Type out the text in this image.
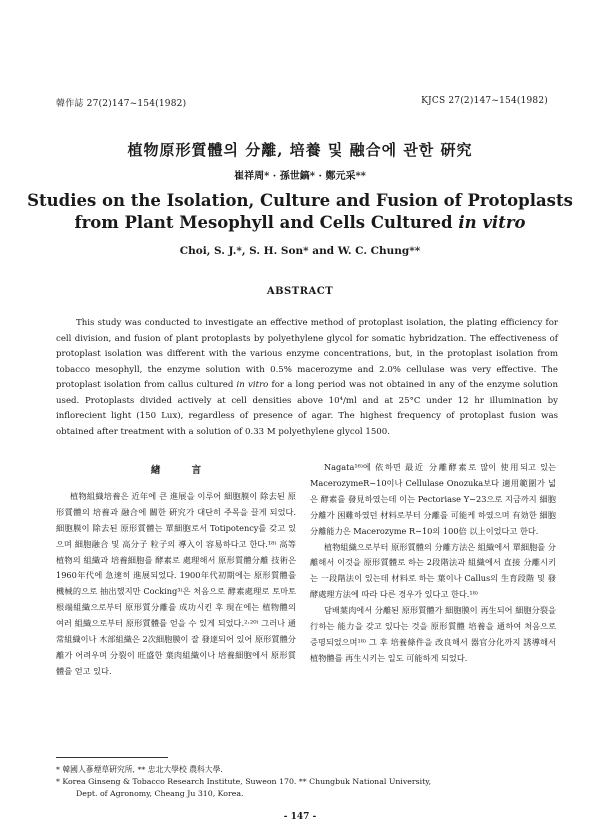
韓作誌 27(2)147~154(1982)	KJCS 27(2)147~154(1982)
植物原形質體의 分離, 培養 및 融合에 관한 硏究
崔祥周* · 孫世鎬* · 鄭元采**
Studies on the Isolation, Culture and Fusion of Protoplasts
from Plant Mesophyll and Cells Cultured in vitro
Choi, S. J.*, S. H. Son* and W. C. Chung**
ABSTRACT
This study was conducted to investigate an effective method of protoplast isolation, the plating efficiency for cell division, and fusion of plant protoplasts by polyethylene glycol for somatic hybridzation. The effectiveness of protoplast isolation was different with the various enzyme concentrations, but, in the protoplast isolation from tobacco mesophyll, the enzyme solution with 0.5% macerozyme and 2.0% cellulase was very effective. The protoplast isolation from callus cultured in vitro for a long period was not obtained in any of the enzyme solution used. Protoplasts divided actively at cell densities above 10⁴/ml and at 25°C under 12 hr illumination by inflorecient light (150 Lux), regardless of presence of agar. The highest frequency of protoplast fusion was obtained after treatment with a solution of 0.33 M polyethylene glycol 1500.
緖 言

植物組織培養은 近年에 큰 進展을 이루어 細胞膜이 除去된 原形質體의 培養과 融合에 關한 硏究가 대단히 주목을 끌게 되었다. 細胞膜이 除去된 原形質體는 單細胞로서 Totipotency를 갖고 있으며 細胞融合 및 高分子 粒子의 導入이 容易하다고 한다.¹⁸⁾ 高等植物의 組織과 培養細胞를 酵素로 處理해서 原形質體分離 技術은 1960年代에 急速히 進展되었다. 1900年代初期에는 原形質體를 機械的으로 抽出했지만 Cocking³⁾은 처음으로 酵素處理로 토마토 根端組織으로부터 原形質分離를 成功시킨 후 現在에는 植物體의 여러 組織으로부터 原形質體를 얻을 수 있게 되었다.²·²⁰⁾ 그러나 通常組織이나 木部組織은 2次細胞膜이 잘 發達되어 있어 原形質體分離가 어려우며 分裂이 旺盛한 葉肉組織이나 培養細胞에서 原形質體를 얻고 있다.

Nagata¹⁶⁾에 依하면 最近 分離酵素로 많이 使用되고 있는 MacerozymeR−10이나 Cellulase Onozuka보다 適用範圍가 넓은 酵素를 發見하였는데 이는 Pectoriase Y−23으로 지금까지 細胞分離가 困難하였던 材料로부터 分離를 可能케 하였으며 有効한 細胞分離能力은 Macerozyme R−10의 100倍 以上이었다고 한다.

植物組織으로부터 原形質體의 分離方法은 組織에서 單細胞를 分離해서 이것을 原形質體로 하는 2段階法과 組織에서 直接 分離시키는 一段階法이 있는데 材料로 하는 葉이나 Callus의 生育段階 및 發酵處理方法에 따라 다른 경우가 있다고 한다.¹⁸⁾

담배葉肉에서 分離된 原形質體가 細胞膜이 再生되어 細胞分裂을 行하는 能力을 갖고 있다는 것을 原形質體 培養을 通하여 처음으로 증명되었으며¹⁸⁾ 그 후 培養條件을 改良해서 器官分化까지 誘導해서 植物體를 再生시키는 일도 可能하게 되었다.

* 韓國人蔘煙草硏究所, ** 忠北大學校 農科大學.

* Korea Ginseng & Tobacco Research Institute, Suweon 170. ** Chungbuk National University,

Dept. of Agronomy, Cheang Ju 310, Korea.

- 147 -
